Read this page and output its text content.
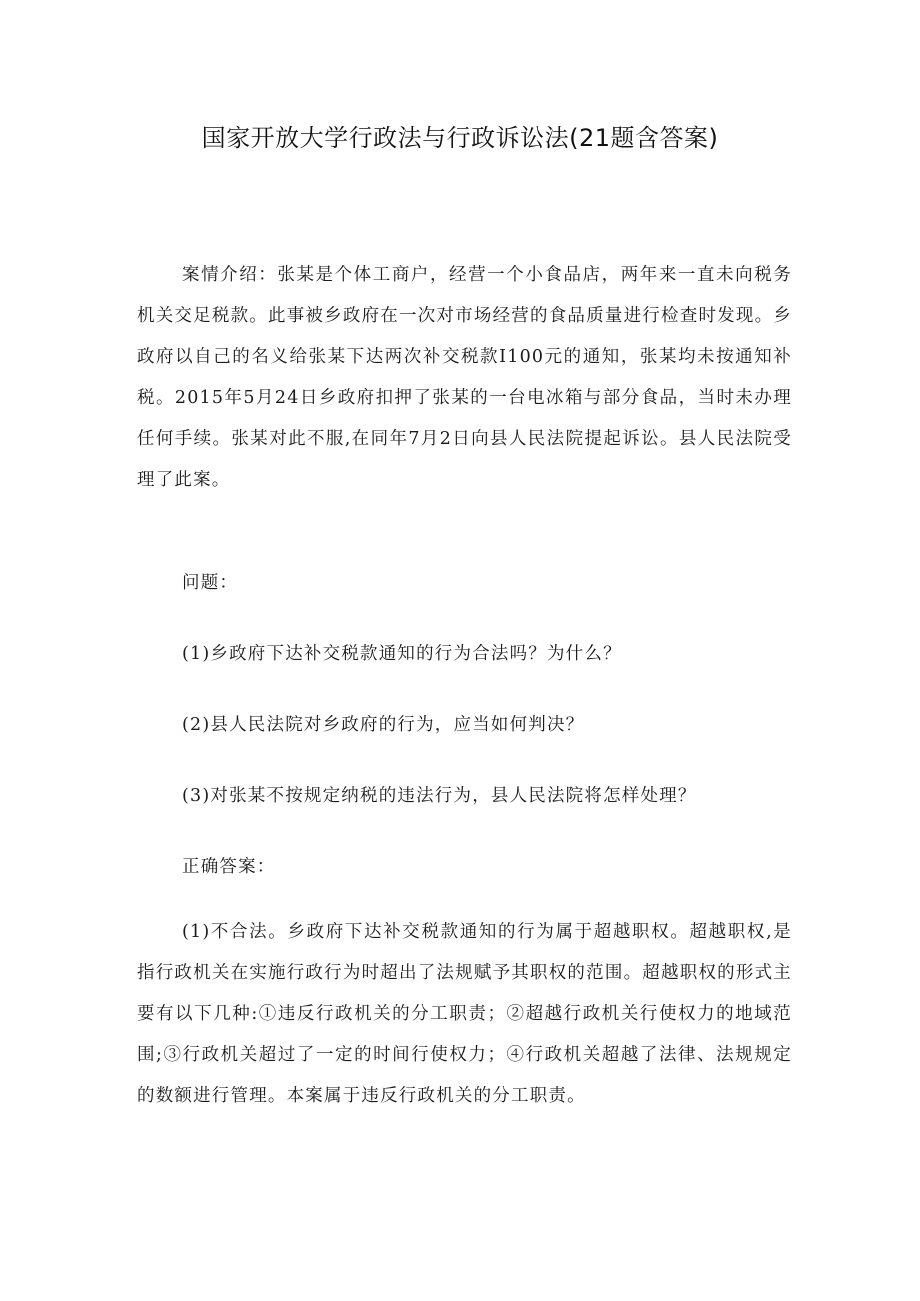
国家开放大学行政法与行政诉讼法(21题含答案)

案情介绍：张某是个体工商户，经营一个小食品店，两年来一直未向税务机关交足税款。此事被乡政府在一次对市场经营的食品质量进行检查时发现。乡政府以自己的名义给张某下达两次补交税款I100元的通知，张某均未按通知补税。2015年5月24日乡政府扣押了张某的一台电冰箱与部分食品，当时未办理任何手续。张某对此不服,在同年7月2日向县人民法院提起诉讼。县人民法院受理了此案。

问题：

(1)乡政府下达补交税款通知的行为合法吗？为什么？

(2)县人民法院对乡政府的行为，应当如何判决？

(3)对张某不按规定纳税的违法行为，县人民法院将怎样处理？

正确答案：

(1)不合法。乡政府下达补交税款通知的行为属于超越职权。超越职权,是指行政机关在实施行政行为时超出了法规赋予其职权的范围。超越职权的形式主要有以下几种:①违反行政机关的分工职责；②超越行政机关行使权力的地域范围;③行政机关超过了一定的时间行使权力；④行政机关超越了法律、法规规定的数额进行管理。本案属于违反行政机关的分工职责。
